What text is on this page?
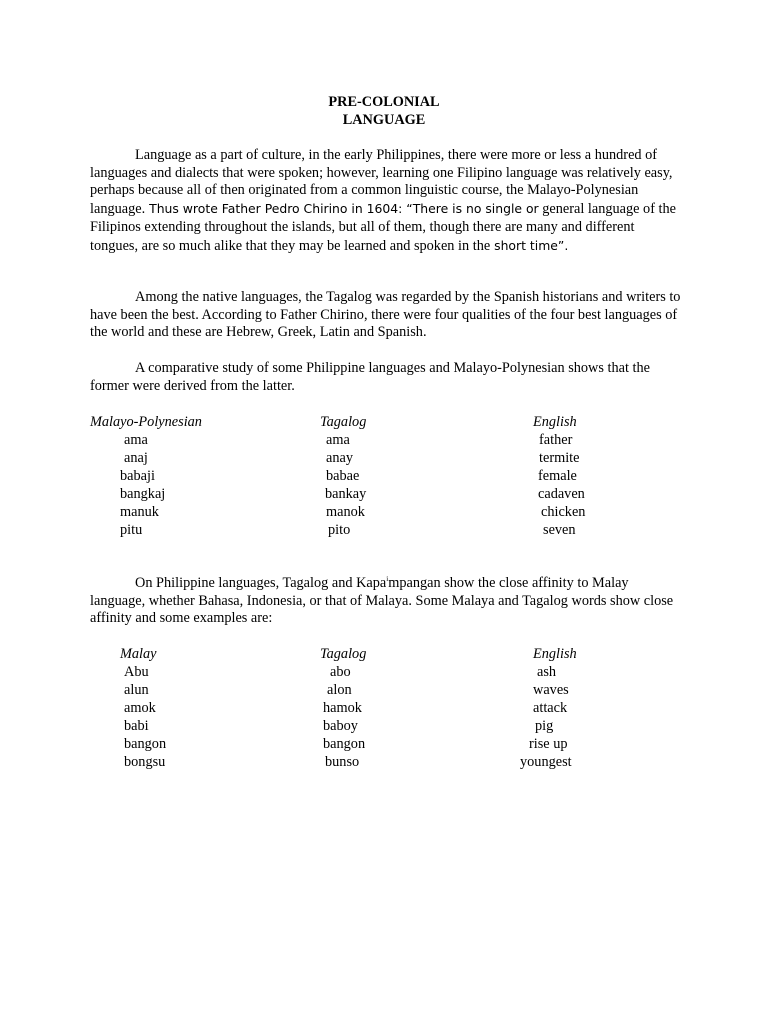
PRE-COLONIAL
LANGUAGE

Language as a part of culture, in the early Philippines, there were more or less a hundred of languages and dialects that were spoken; however, learning one Filipino language was relatively easy, perhaps because all of then originated from a common linguistic course, the Malayo-Polynesian language. Thus wrote Father Pedro Chirino in 1604: “There is no single or general language of the Filipinos extending throughout the islands, but all of them, though there are many and different tongues, are so much alike that they may be learned and spoken in the short time”.

Among the native languages, the Tagalog was regarded by the Spanish historians and writers to have been the best. According to Father Chirino, there were four qualities of the four best languages of the world and these are Hebrew, Greek, Latin and Spanish.

A comparative study of some Philippine languages and Malayo-Polynesian shows that the former were derived from the latter.

Malayo-Polynesian	Tagalog	English
ama	ama	father
anaj	anay	termite
babaji	babae	female
bangkaj	bankay	cadaven
manuk	manok	chicken
pitu	pito	seven

On Philippine languages, Tagalog and Kapa$^i$mpangan show the close affinity to Malay language, whether Bahasa, Indonesia, or that of Malaya. Some Malaya and Tagalog words show close affinity and some examples are:

Malay	Tagalog	English
Abu	abo	ash
alun	alon	waves
amok	hamok	attack
babi	baboy	pig
bangon	bangon	rise up
bongsu	bunso	youngest
